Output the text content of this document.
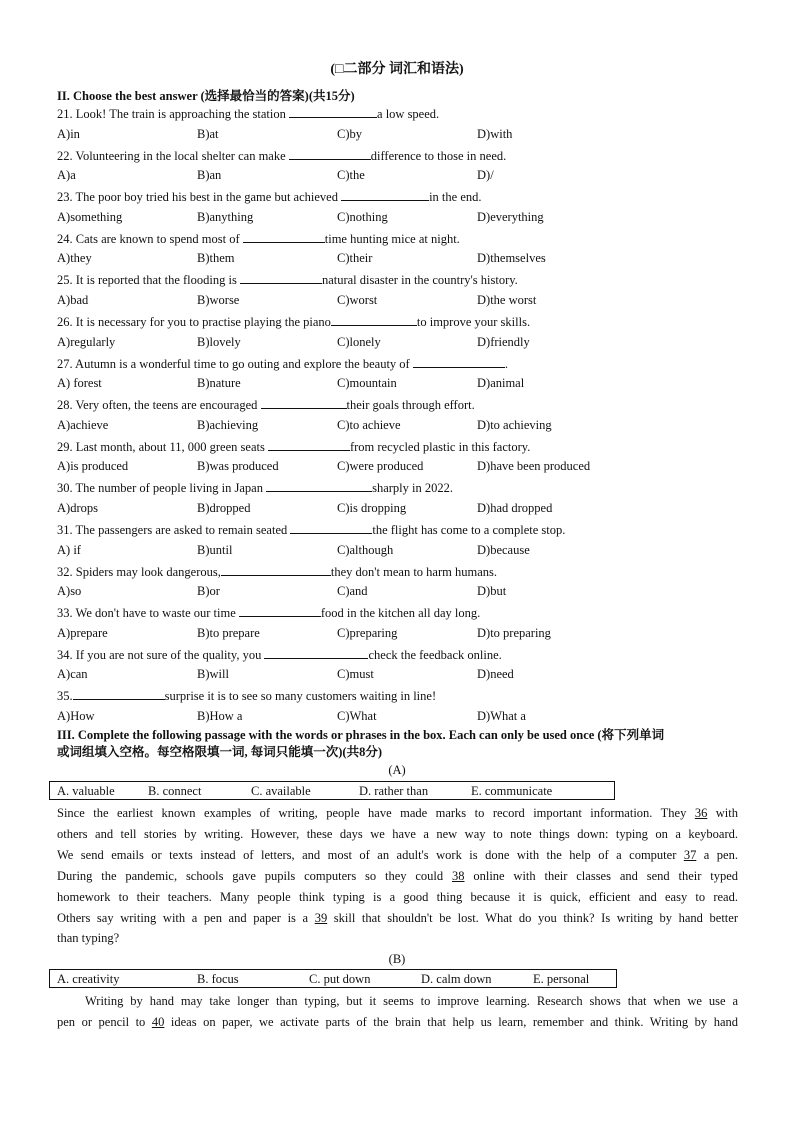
(□二部分 词汇和语法)
II. Choose the best answer (选择最恰当的答案)(共15分)
21. Look! The train is approaching the station	a low speed.
A)in	B)at	C)by	D)with
22. Volunteering in the local shelter can make	difference to those in need.
A)a	B)an	C)the	D)/
23. The poor boy tried his best in the game but achieved	in the end.
A)something	B)anything	C)nothing	D)everything
24. Cats are known to spend most of	time hunting mice at night.
A)they	B)them	C)their	D)themselves
25. It is reported that the flooding is	natural disaster in the country's history.
A)bad	B)worse	C)worst	D)the worst
26. It is necessary for you to practise playing the piano	to improve your skills.
A)regularly	B)lovely	C)lonely	D)friendly
27. Autumn is a wonderful time to go outing and explore the beauty of	.
A) forest	B)nature	C)mountain	D)animal
28. Very often, the teens are encouraged	their goals through effort.
A)achieve	B)achieving	C)to achieve	D)to achieving
29. Last month, about 11, 000 green seats	from recycled plastic in this factory.
A)is produced	B)was produced	C)were produced	D)have been produced
30. The number of people living in Japan	sharply in 2022.
A)drops	B)dropped	C)is dropping	D)had dropped
31. The passengers are asked to remain seated	the flight has come to a complete stop.
A) if	B)until	C)although	D)because
32. Spiders may look dangerous,	they don't mean to harm humans.
A)so	B)or	C)and	D)but
33. We don't have to waste our time	food in the kitchen all day long.
A)prepare	B)to prepare	C)preparing	D)to preparing
34. If you are not sure of the quality, you	check the feedback online.
A)can	B)will	C)must	D)need
35.	surprise it is to see so many customers waiting in line!
A)How	B)How a	C)What	D)What a
III. Complete the following passage with the words or phrases in the box. Each can only be used once (将下列单词
或词组填入空格。每空格限填一词, 每词只能填一次)(共8分)
(A)
A. valuable	B. connect	C. available	D. rather than	E. communicate
Since the earliest known examples of writing, people have made marks to record important information. They 36 with
others and tell stories by writing. However, these days we have a new way to note things down: typing on a keyboard.
We send emails or texts instead of letters, and most of an adult's work is done with the help of a computer 37 a pen.
During the pandemic, schools gave pupils computers so they could 38 online with their classes and send their typed
homework to their teachers. Many people think typing is a good thing because it is quick, efficient and easy to read.
Others say writing with a pen and paper is a 39 skill that shouldn't be lost. What do you think? Is writing by hand better
than typing?
(B)
A. creativity	B. focus	C. put down	D. calm down	E. personal
Writing by hand may take longer than typing, but it seems to improve learning. Research shows that when we use a
pen or pencil to 40 ideas on paper, we activate parts of the brain that help us learn, remember and think. Writing by hand
